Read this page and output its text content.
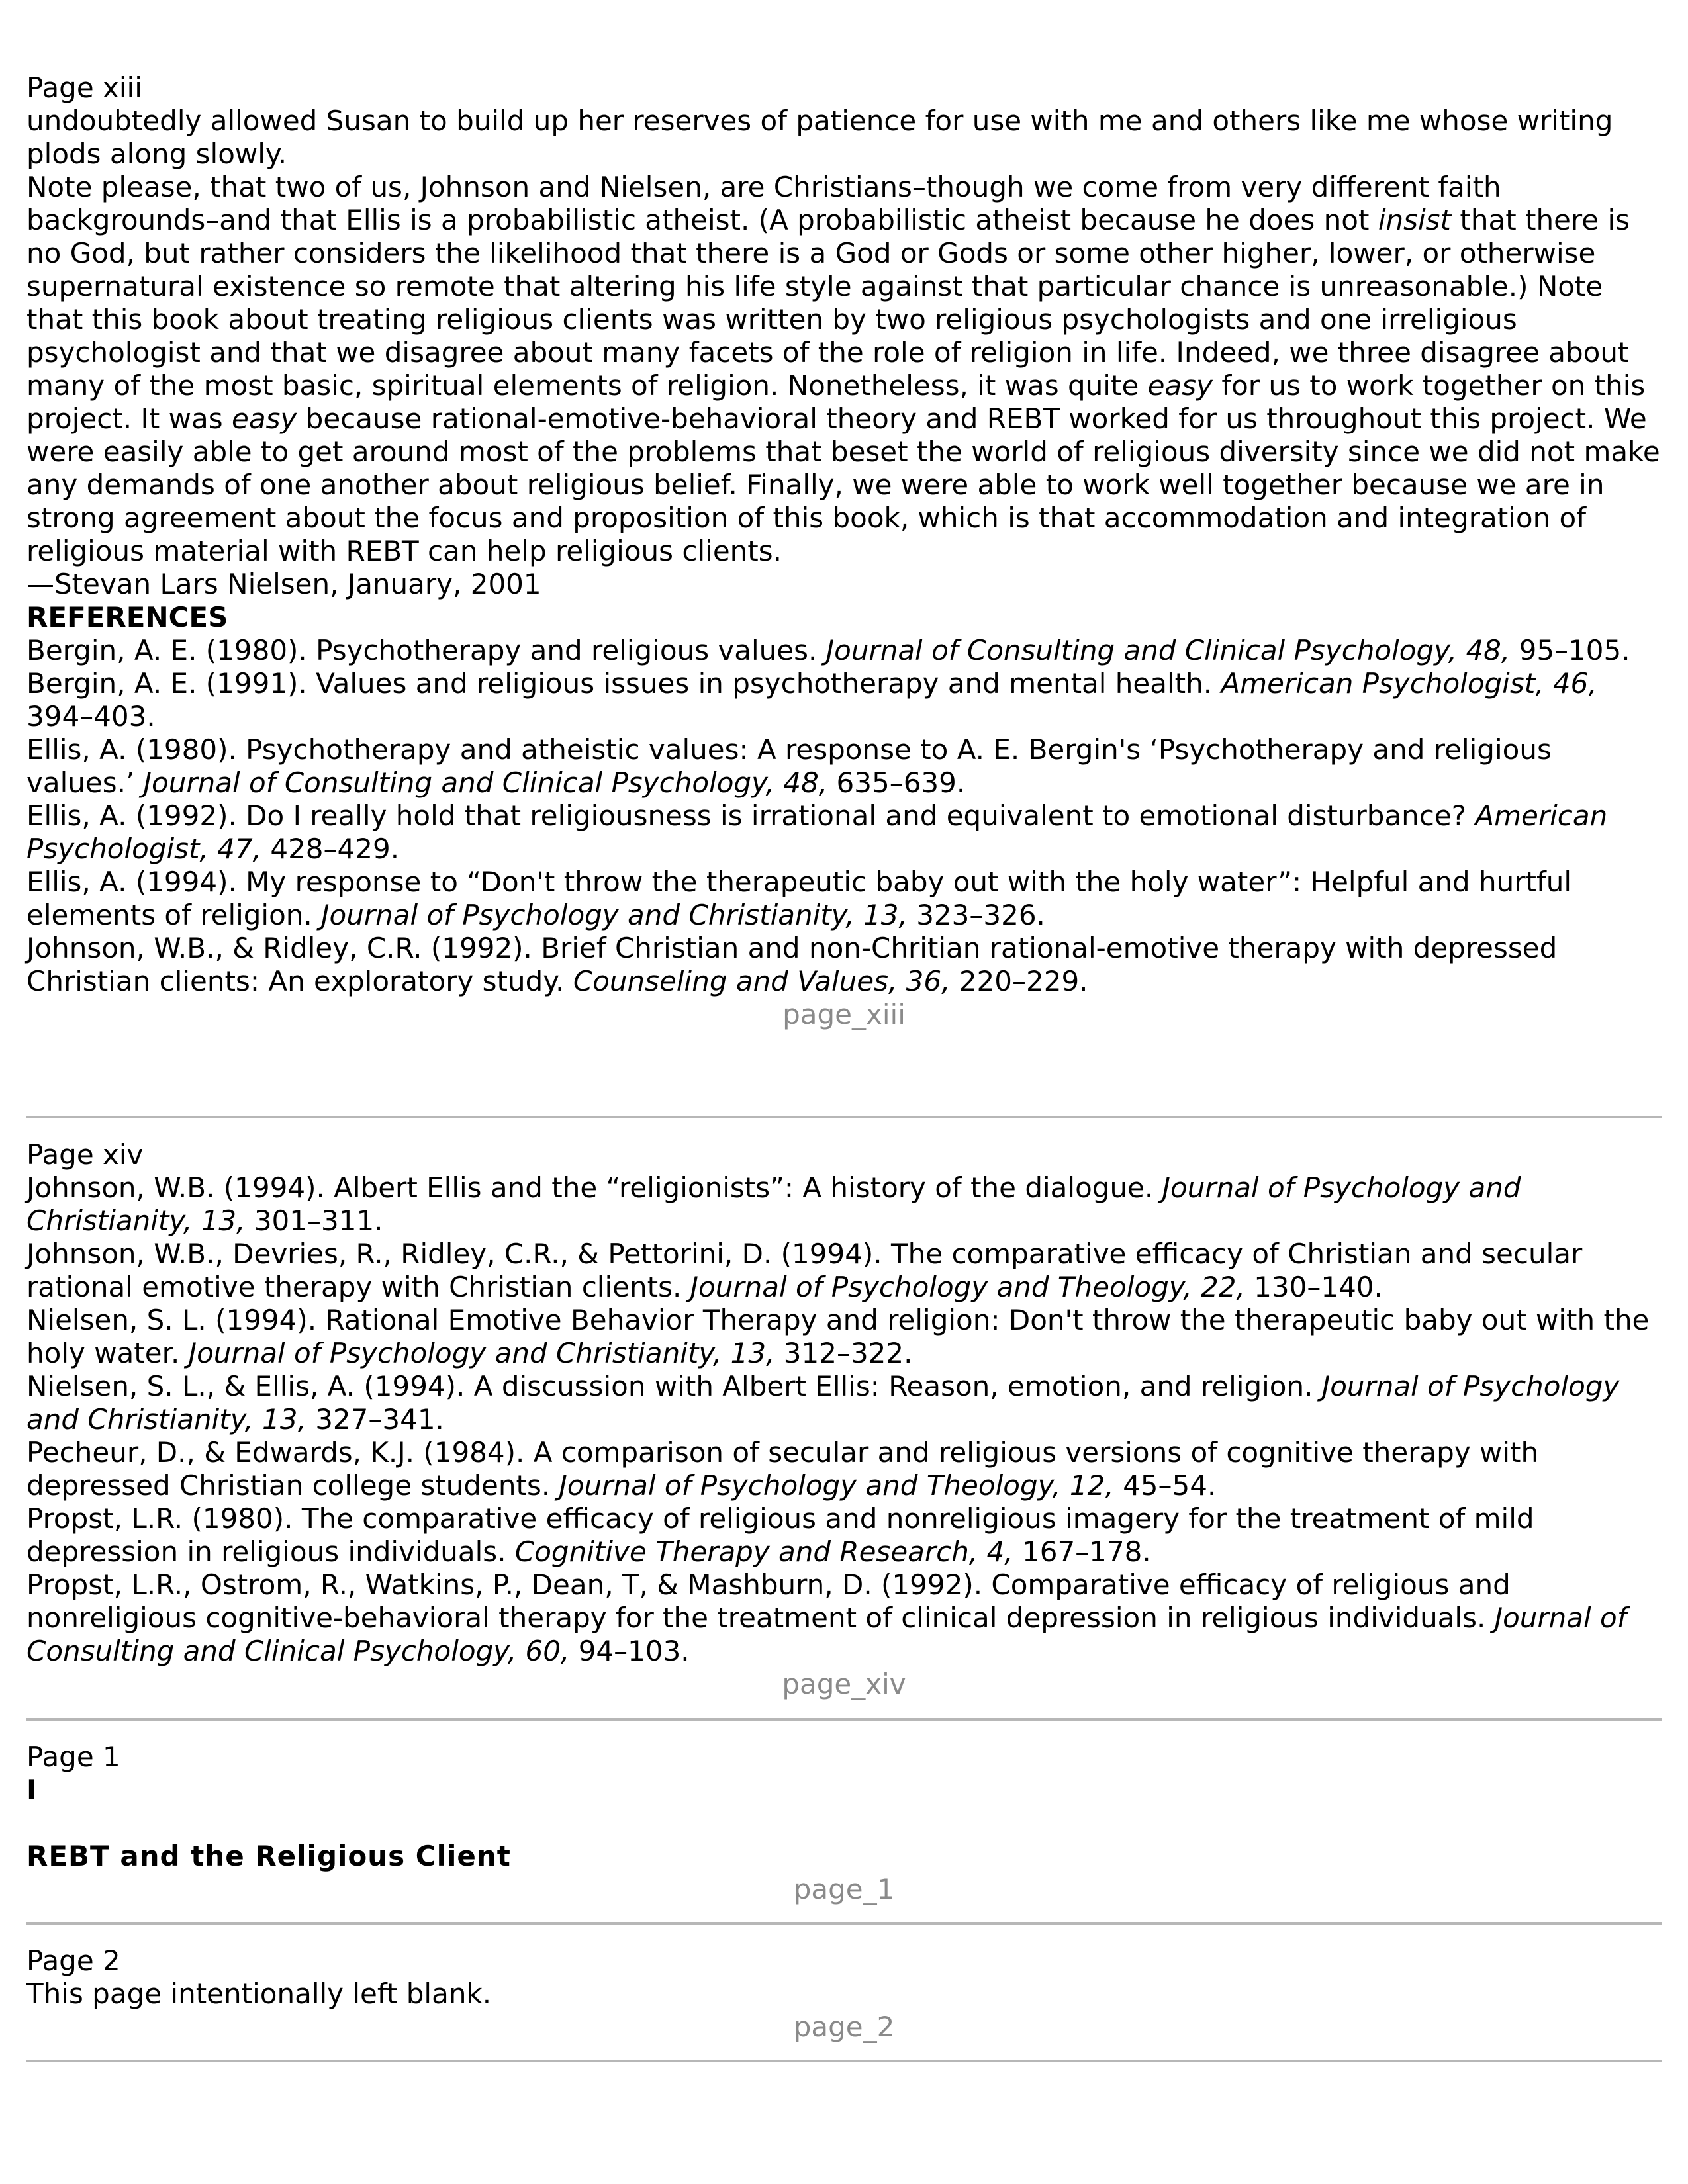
Page xiii

undoubtedly allowed Susan to build up her reserves of patience for use with me and others like me whose writing plods along slowly.

Note please, that two of us, Johnson and Nielsen, are Christians–though we come from very different faith backgrounds–and that Ellis is a probabilistic atheist. (A probabilistic atheist because he does not insist that there is no God, but rather considers the likelihood that there is a God or Gods or some other higher, lower, or otherwise supernatural existence so remote that altering his life style against that particular chance is unreasonable.) Note that this book about treating religious clients was written by two religious psychologists and one irreligious psychologist and that we disagree about many facets of the role of religion in life. Indeed, we three disagree about many of the most basic, spiritual elements of religion. Nonetheless, it was quite easy for us to work together on this project. It was easy because rational-emotive-behavioral theory and REBT worked for us throughout this project. We were easily able to get around most of the problems that beset the world of religious diversity since we did not make any demands of one another about religious belief. Finally, we were able to work well together because we are in strong agreement about the focus and proposition of this book, which is that accommodation and integration of religious material with REBT can help religious clients.

—Stevan Lars Nielsen, January, 2001

REFERENCES

Bergin, A. E. (1980). Psychotherapy and religious values. Journal of Consulting and Clinical Psychology, 48, 95–105.

Bergin, A. E. (1991). Values and religious issues in psychotherapy and mental health. American Psychologist, 46, 394–403.

Ellis, A. (1980). Psychotherapy and atheistic values: A response to A. E. Bergin's ‘Psychotherapy and religious values.’ Journal of Consulting and Clinical Psychology, 48, 635–639.

Ellis, A. (1992). Do I really hold that religiousness is irrational and equivalent to emotional disturbance? American Psychologist, 47, 428–429.

Ellis, A. (1994). My response to “Don't throw the therapeutic baby out with the holy water”: Helpful and hurtful elements of religion. Journal of Psychology and Christianity, 13, 323–326.

Johnson, W.B., & Ridley, C.R. (1992). Brief Christian and non-Chritian rational-emotive therapy with depressed Christian clients: An exploratory study. Counseling and Values, 36, 220–229.

page_xiii

Page xiv

Johnson, W.B. (1994). Albert Ellis and the “religionists”: A history of the dialogue. Journal of Psychology and Christianity, 13, 301–311.

Johnson, W.B., Devries, R., Ridley, C.R., & Pettorini, D. (1994). The comparative efficacy of Christian and secular rational emotive therapy with Christian clients. Journal of Psychology and Theology, 22, 130–140.

Nielsen, S. L. (1994). Rational Emotive Behavior Therapy and religion: Don't throw the therapeutic baby out with the holy water. Journal of Psychology and Christianity, 13, 312–322.

Nielsen, S. L., & Ellis, A. (1994). A discussion with Albert Ellis: Reason, emotion, and religion. Journal of Psychology and Christianity, 13, 327–341.

Pecheur, D., & Edwards, K.J. (1984). A comparison of secular and religious versions of cognitive therapy with depressed Christian college students. Journal of Psychology and Theology, 12, 45–54.

Propst, L.R. (1980). The comparative efficacy of religious and nonreligious imagery for the treatment of mild depression in religious individuals. Cognitive Therapy and Research, 4, 167–178.

Propst, L.R., Ostrom, R., Watkins, P., Dean, T, & Mashburn, D. (1992). Comparative efficacy of religious and nonreligious cognitive-behavioral therapy for the treatment of clinical depression in religious individuals. Journal of Consulting and Clinical Psychology, 60, 94–103.

page_xiv

Page 1

I

REBT and the Religious Client

page_1

Page 2

This page intentionally left blank.

page_2
